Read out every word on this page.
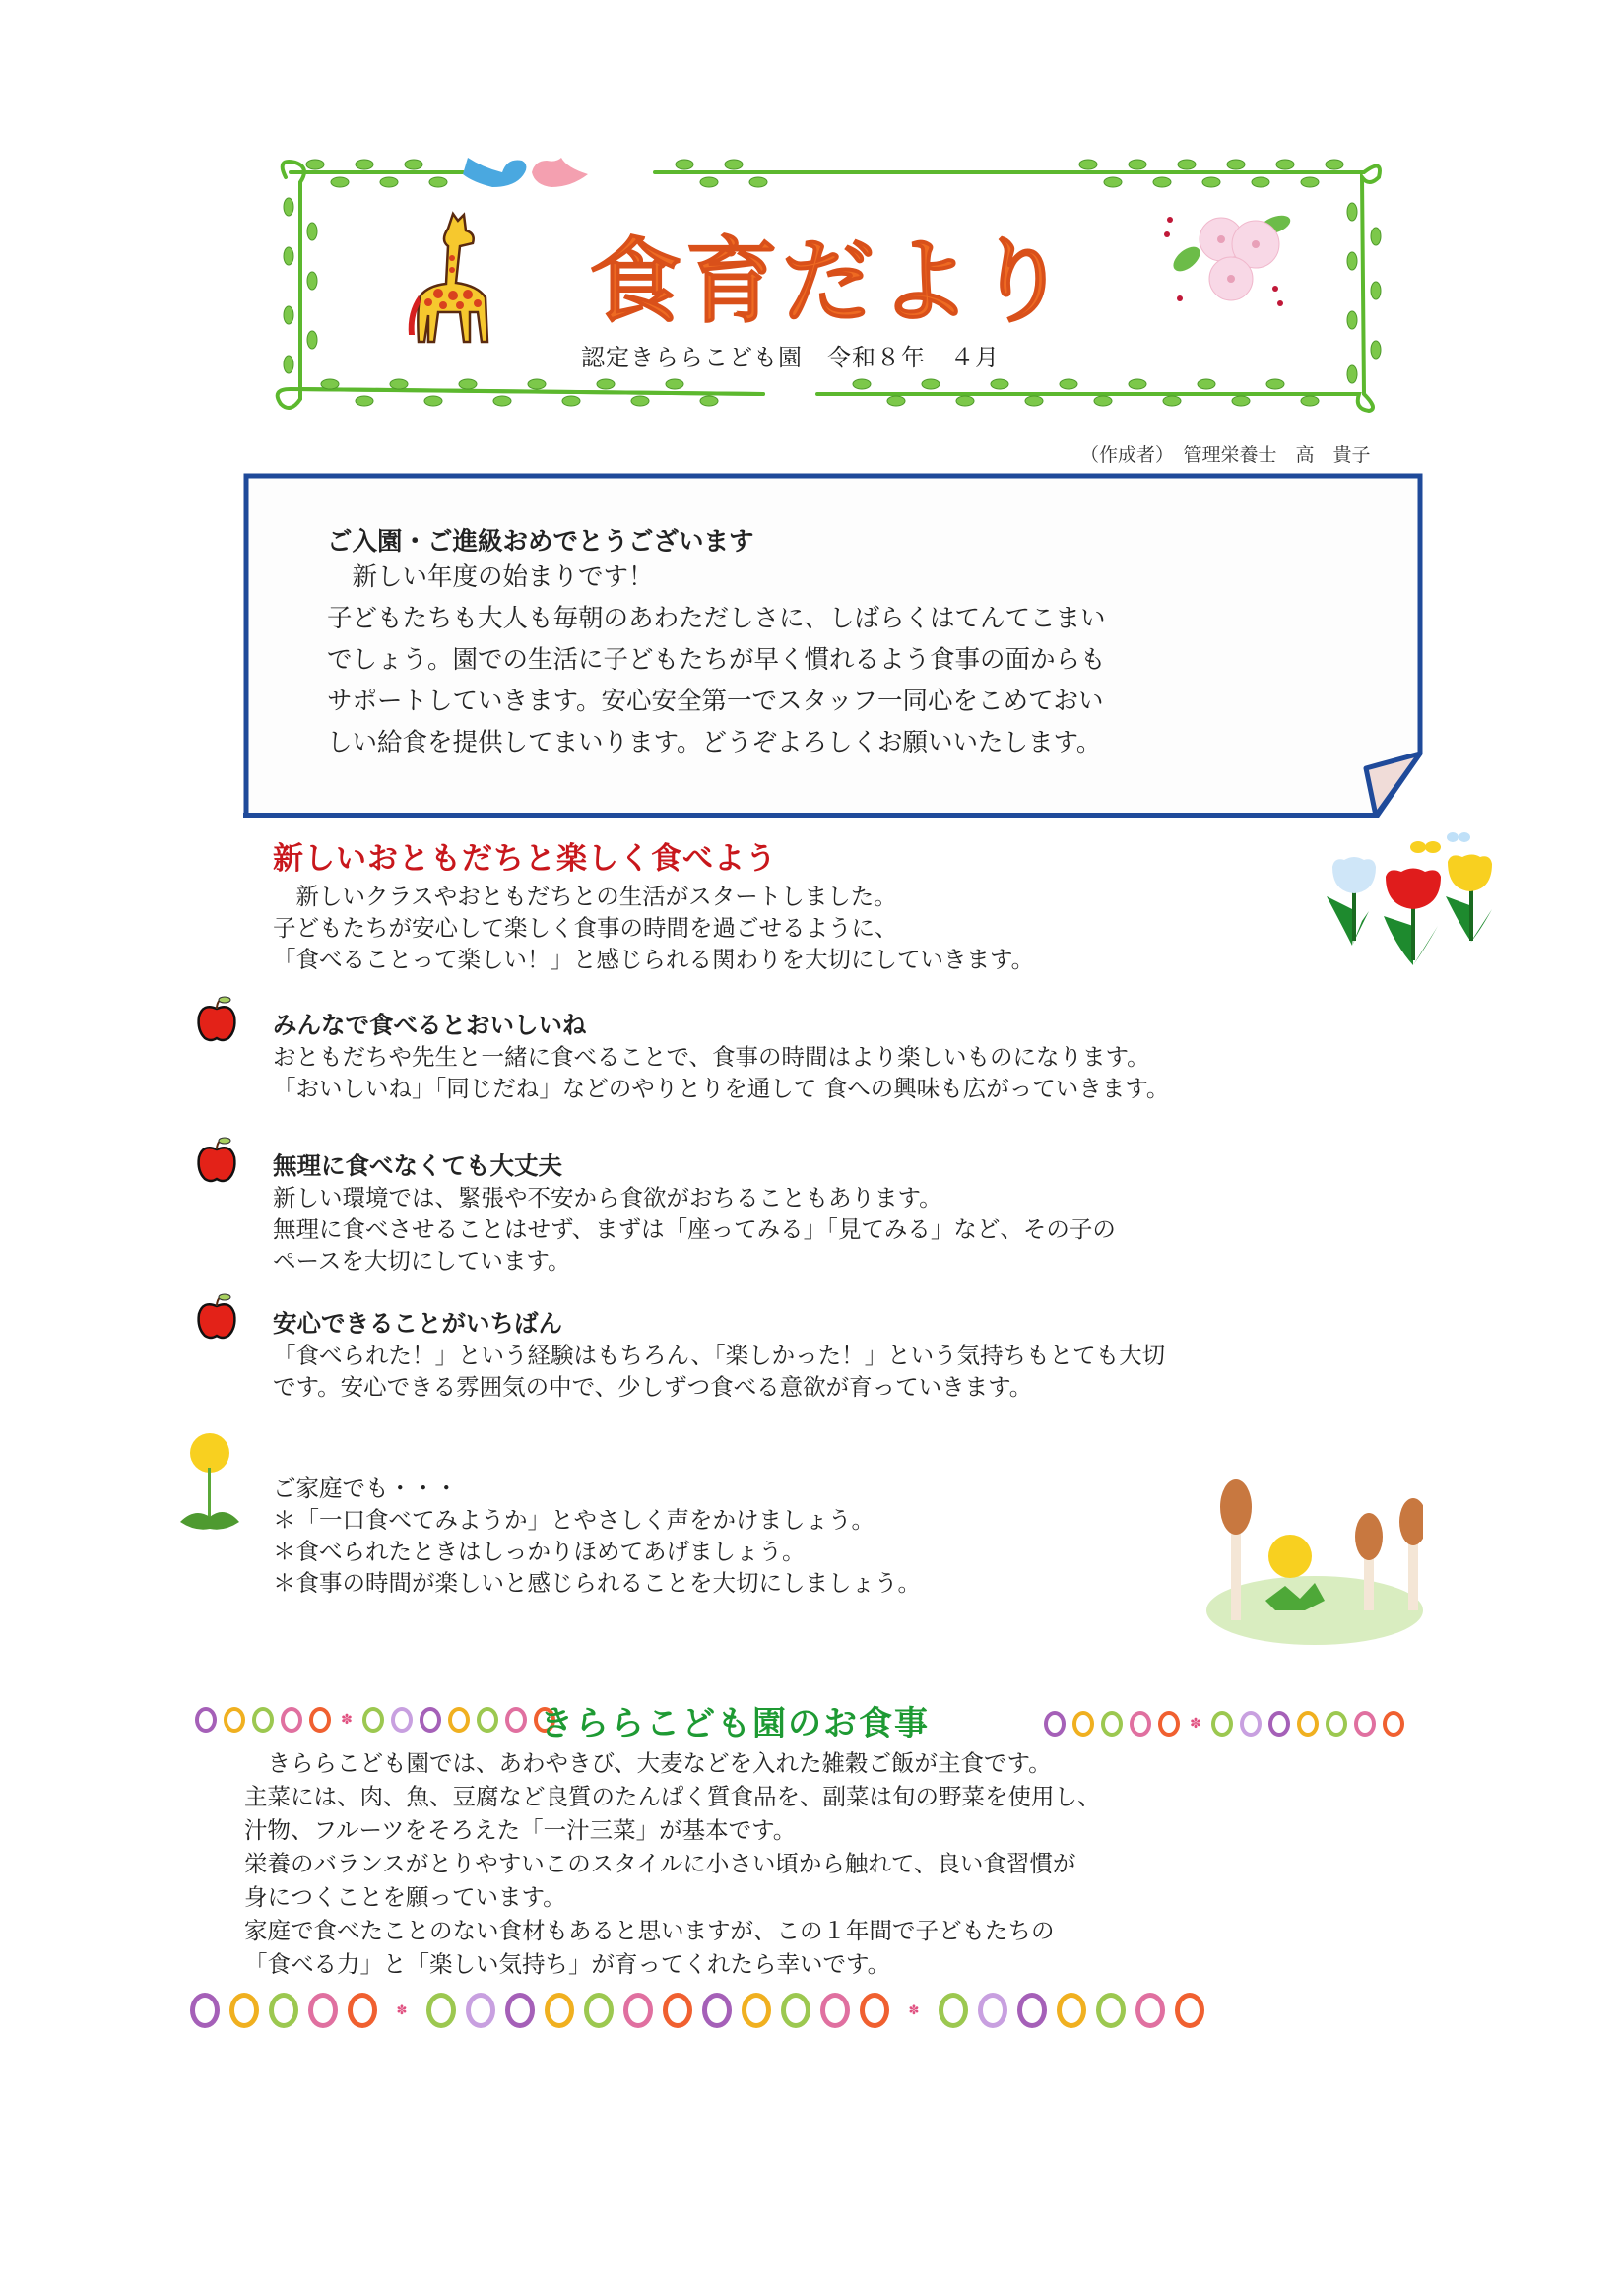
食育だより
認定きららこども園　令和８年　４月
（作成者）　管理栄養士　高　貴子
ご入園・ご進級おめでとうございます
　新しい年度の始まりです！
子どもたちも大人も毎朝のあわただしさに、しばらくはてんてこまい
でしょう。園での生活に子どもたちが早く慣れるよう食事の面からも
サポートしていきます。安心安全第一でスタッフ一同心をこめておい
しい給食を提供してまいります。どうぞよろしくお願いいたします。
新しいおともだちと楽しく食べよう
　新しいクラスやおともだちとの生活がスタートしました。
子どもたちが安心して楽しく食事の時間を過ごせるように、
「食べることって楽しい！」と感じられる関わりを大切にしていきます。
みんなで食べるとおいしいね
おともだちや先生と一緒に食べることで、食事の時間はより楽しいものになります。
「おいしいね」「同じだね」などのやりとりを通して 食への興味も広がっていきます。
無理に食べなくても大丈夫
新しい環境では、緊張や不安から食欲がおちることもあります。
無理に食べさせることはせず、まずは「座ってみる」「見てみる」など、その子の
ペースを大切にしています。
安心できることがいちばん
「食べられた！」という経験はもちろん、「楽しかった！」という気持ちもとても大切
です。安心できる雰囲気の中で、少しずつ食べる意欲が育っていきます。
ご家庭でも・・・
＊「一口食べてみようか」とやさしく声をかけましょう。
＊食べられたときはしっかりほめてあげましょう。
＊食事の時間が楽しいと感じられることを大切にしましょう。
✽	きららこども園のお食事	✽
　きららこども園では、あわやきび、大麦などを入れた雑穀ご飯が主食です。
主菜には、肉、魚、豆腐など良質のたんぱく質食品を、副菜は旬の野菜を使用し、
汁物、フルーツをそろえた「一汁三菜」が基本です。
栄養のバランスがとりやすいこのスタイルに小さい頃から触れて、良い食習慣が
身につくことを願っています。
家庭で食べたことのない食材もあると思いますが、この１年間で子どもたちの
「食べる力」と「楽しい気持ち」が育ってくれたら幸いです。
✽	✽
